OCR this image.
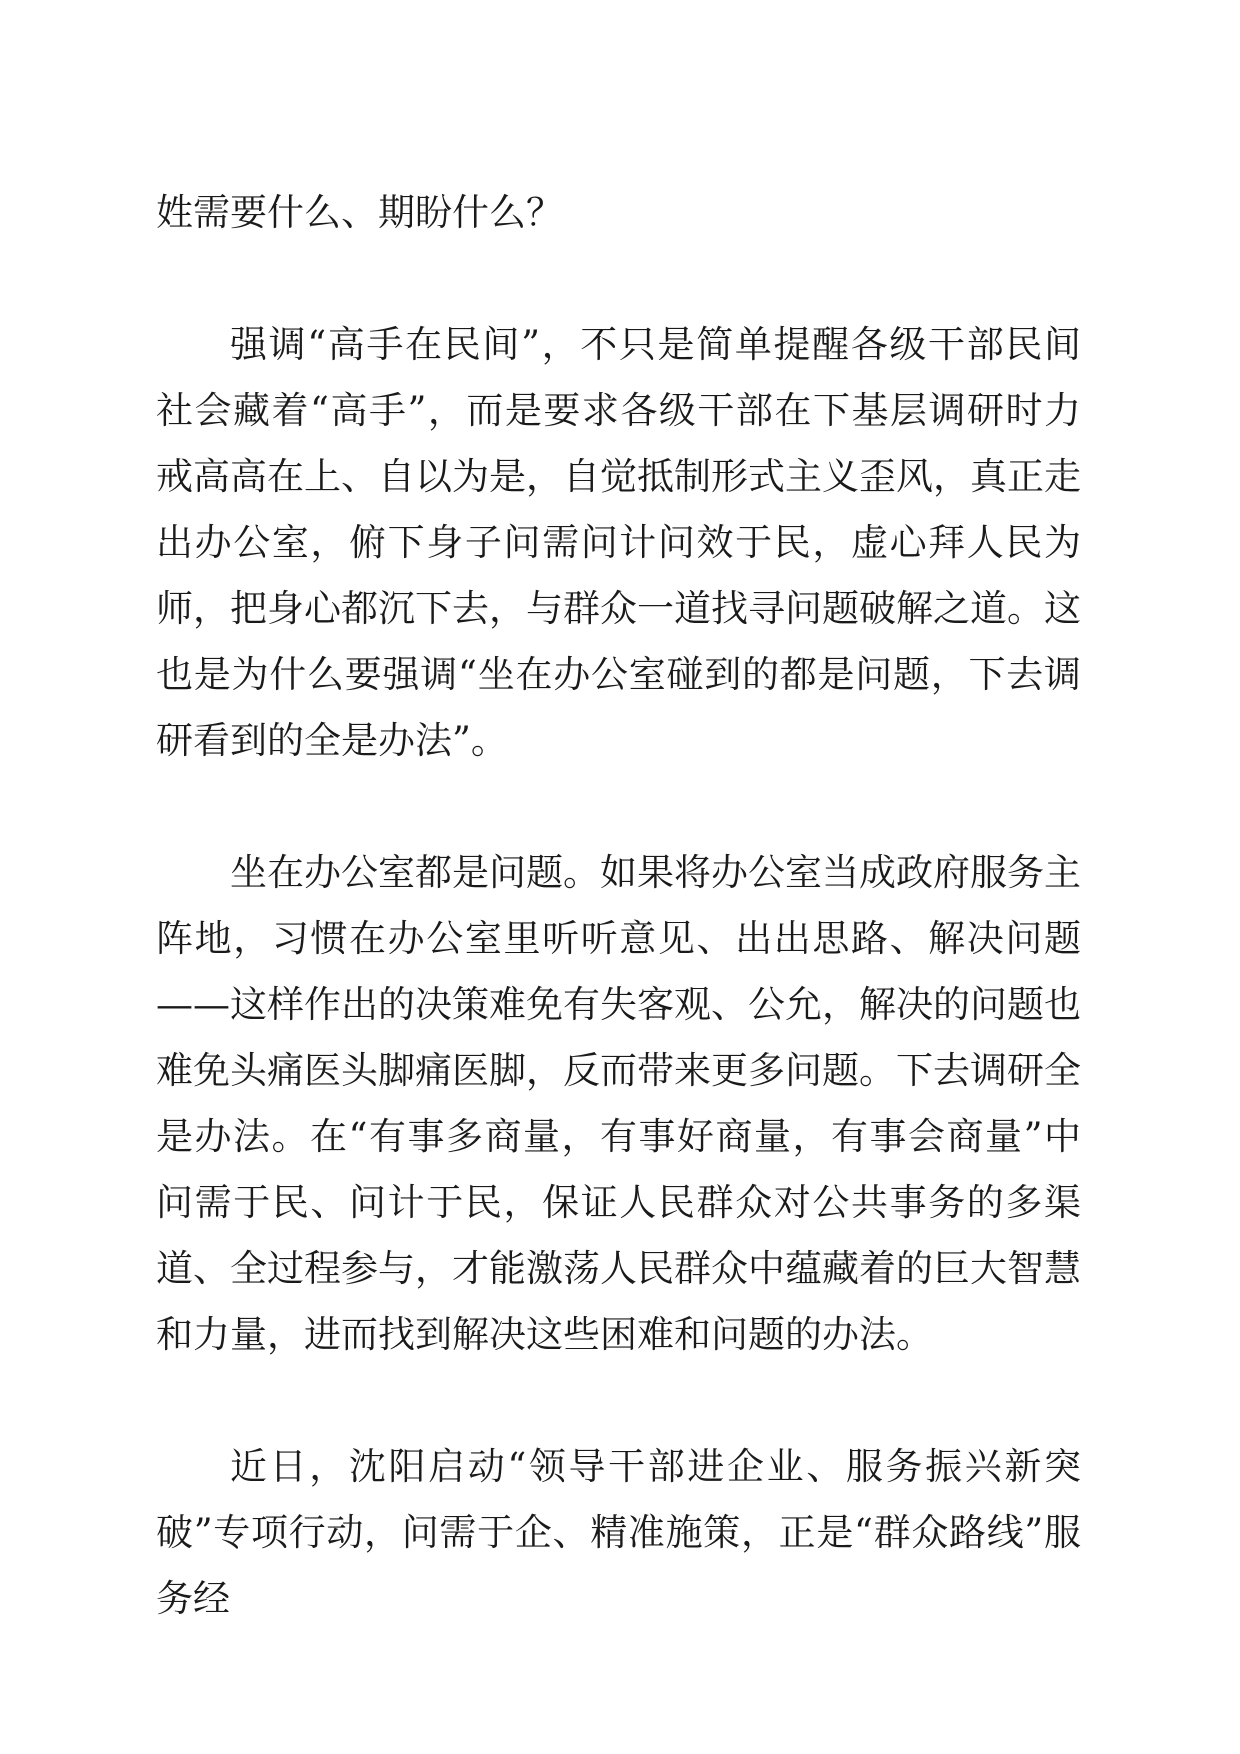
姓需要什么、期盼什么？

强调“高手在民间”，不只是简单提醒各级干部民间社会藏着“高手”，而是要求各级干部在下基层调研时力戒高高在上、自以为是，自觉抵制形式主义歪风，真正走出办公室，俯下身子问需问计问效于民，虚心拜人民为师，把身心都沉下去，与群众一道找寻问题破解之道。这也是为什么要强调“坐在办公室碰到的都是问题，下去调研看到的全是办法”。

坐在办公室都是问题。如果将办公室当成政府服务主阵地，习惯在办公室里听听意见、出出思路、解决问题——这样作出的决策难免有失客观、公允，解决的问题也难免头痛医头脚痛医脚，反而带来更多问题。下去调研全是办法。在“有事多商量，有事好商量，有事会商量”中问需于民、问计于民，保证人民群众对公共事务的多渠道、全过程参与，才能激荡人民群众中蕴藏着的巨大智慧和力量，进而找到解决这些困难和问题的办法。

近日，沈阳启动“领导干部进企业、服务振兴新突破”专项行动，问需于企、精准施策，正是“群众路线”服务经
